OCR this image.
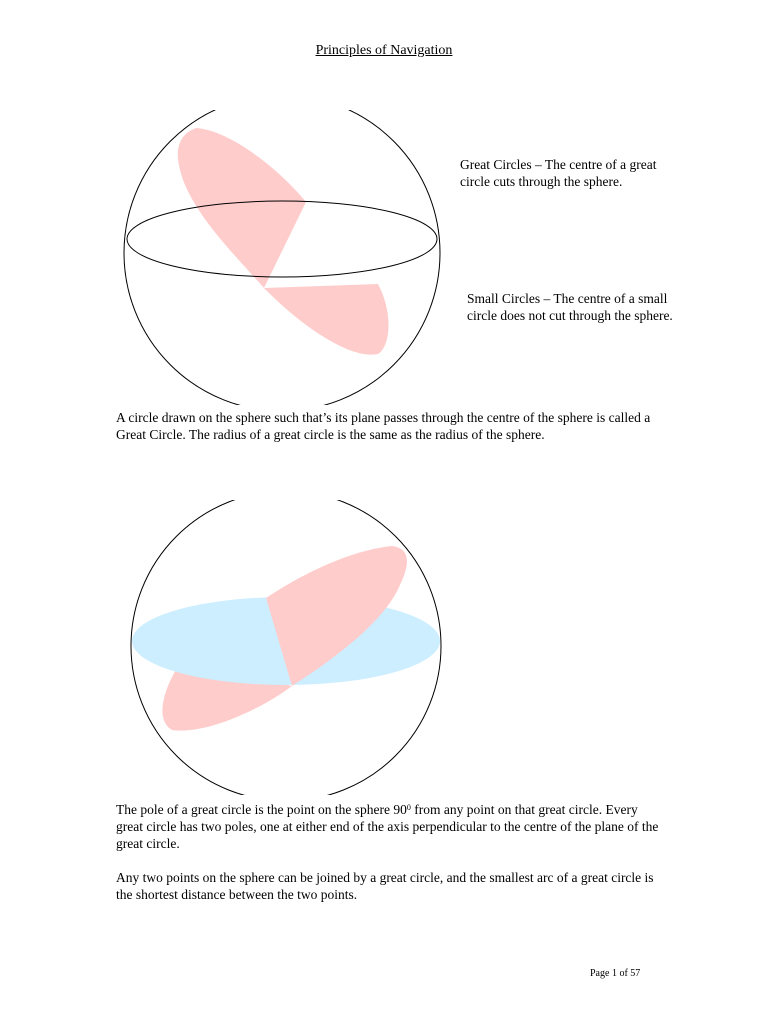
Principles of Navigation
Great Circles – The centre of a great circle cuts through the sphere.
Small Circles – The centre of a small circle does not cut through the sphere.

A circle drawn on the sphere such that’s its plane passes through the centre of the sphere is called a Great Circle. The radius of a great circle is the same as the radius of the sphere.

The pole of a great circle is the point on the sphere $90^0$ from any point on that great circle. Every great circle has two poles, one at either end of the axis perpendicular to the centre of the plane of the great circle.

Any two points on the sphere can be joined by a great circle, and the smallest arc of a great circle is the shortest distance between the two points.

Page 1 of 57
